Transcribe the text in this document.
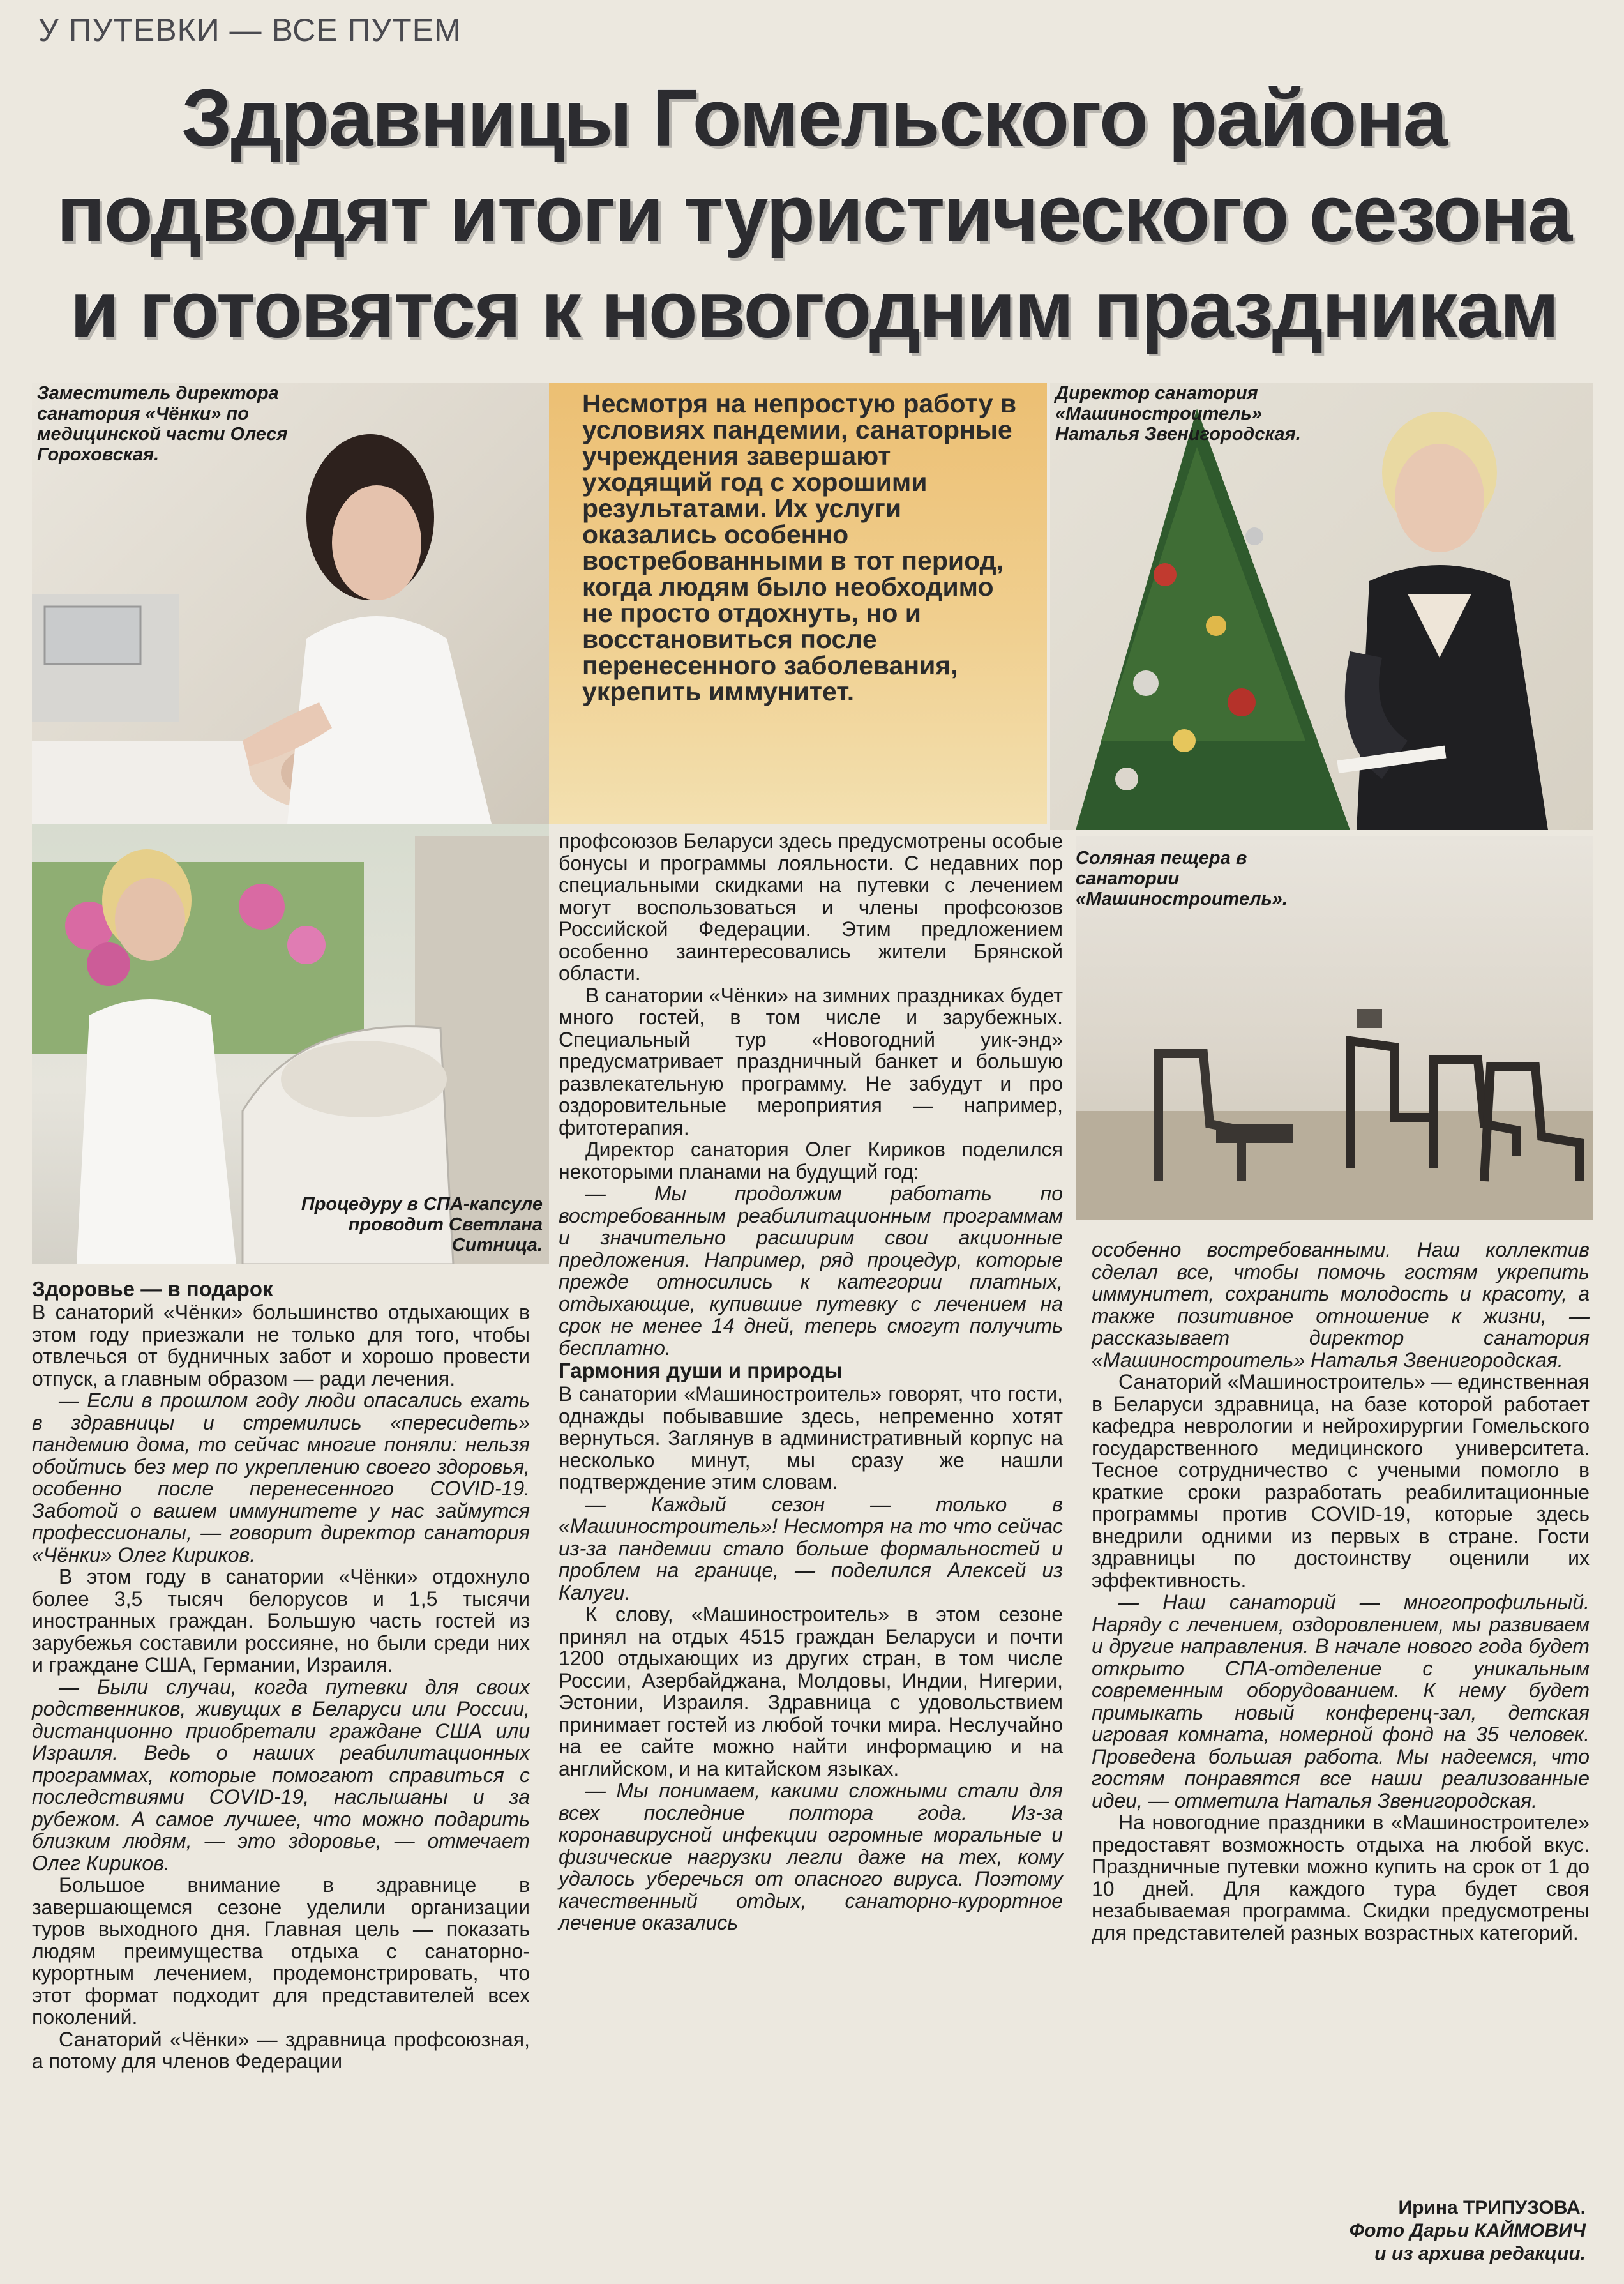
У ПУТЕВКИ — ВСЕ ПУТЕМ
Здравницы Гомельского района
подводят итоги туристического сезона
и готовятся к новогодним праздникам
Заместитель директора санатория «Чёнки» по медицинской части Олеся Гороховская.

Несмотря на непростую работу в условиях пандемии, санаторные учреждения завершают уходящий год с хорошими результатами. Их услуги оказались особенно востребованными в тот период, когда людям было необходимо не просто отдохнуть, но и восстановиться после перенесенного заболевания, укрепить иммунитет.

Директор санатория «Машиностроитель» Наталья Звенигородская.
Процедуру в СПА-капсуле проводит Светлана Ситница.
Соляная пещера в санатории «Машиностроитель».
Здоровье — в подарок

В санаторий «Чёнки» большинство отдыхающих в этом году приезжали не только для того, чтобы отвлечься от будничных забот и хорошо провести отпуск, а главным образом — ради лечения.

— Если в прошлом году люди опасались ехать в здравницы и стремились «пересидеть» пандемию дома, то сейчас многие поняли: нельзя обойтись без мер по укреплению своего здоровья, особенно после перенесенного COVID-19. Заботой о вашем иммунитете у нас займутся профессионалы, — говорит директор санатория «Чёнки» Олег Кириков.

В этом году в санатории «Чёнки» отдохнуло более 3,5 тысяч белорусов и 1,5 тысячи иностранных граждан. Большую часть гостей из зарубежья составили россияне, но были среди них и граждане США, Германии, Израиля.

— Были случаи, когда путевки для своих родственников, живущих в Беларуси или России, дистанционно приобретали граждане США или Израиля. Ведь о наших реабилитационных программах, которые помогают справиться с последствиями COVID-19, наслышаны и за рубежом. А самое лучшее, что можно подарить близким людям, — это здоровье, — отмечает Олег Кириков.

Большое внимание в здравнице в завершающемся сезоне уделили организации туров выходного дня. Главная цель — показать людям преимущества отдыха с санаторно-курортным лечением, продемонстрировать, что этот формат подходит для представителей всех поколений.

Санаторий «Чёнки» — здравница профсоюзная, а потому для членов Федерации

профсоюзов Беларуси здесь предусмотрены особые бонусы и программы лояльности. С недавних пор специальными скидками на путевки с лечением могут воспользоваться и члены профсоюзов Российской Федерации. Этим предложением особенно заинтересовались жители Брянской области.

В санатории «Чёнки» на зимних праздниках будет много гостей, в том числе и зарубежных. Специальный тур «Новогодний уик-энд» предусматривает праздничный банкет и большую развлекательную программу. Не забудут и про оздоровительные мероприятия — например, фитотерапия.

Директор санатория Олег Кириков поделился некоторыми планами на будущий год:

— Мы продолжим работать по востребованным реабилитационным программам и значительно расширим свои акционные предложения. Например, ряд процедур, которые прежде относились к категории платных, отдыхающие, купившие путевку с лечением на срок не менее 14 дней, теперь смогут получить бесплатно.

Гармония души и природы

В санатории «Машиностроитель» говорят, что гости, однажды побывавшие здесь, непременно хотят вернуться. Заглянув в административный корпус на несколько минут, мы сразу же нашли подтверждение этим словам.

— Каждый сезон — только в «Машиностроитель»! Несмотря на то что сейчас из-за пандемии стало больше формальностей и проблем на границе, — поделился Алексей из Калуги.

К слову, «Машиностроитель» в этом сезоне принял на отдых 4515 граждан Беларуси и почти 1200 отдыхающих из других стран, в том числе России, Азербайджана, Молдовы, Индии, Нигерии, Эстонии, Израиля. Здравница с удовольствием принимает гостей из любой точки мира. Неслучайно на ее сайте можно найти информацию и на английском, и на китайском языках.

— Мы понимаем, какими сложными стали для всех последние полтора года. Из-за коронавирусной инфекции огромные моральные и физические нагрузки легли даже на тех, кому удалось уберечься от опасного вируса. Поэтому качественный отдых, санаторно-курортное лечение оказались

особенно востребованными. Наш коллектив сделал все, чтобы помочь гостям укрепить иммунитет, сохранить молодость и красоту, а также позитивное отношение к жизни, — рассказывает директор санатория «Машиностроитель» Наталья Звенигородская.

Санаторий «Машиностроитель» — единственная в Беларуси здравница, на базе которой работает кафедра неврологии и нейрохирургии Гомельского государственного медицинского университета. Тесное сотрудничество с учеными помогло в краткие сроки разработать реабилитационные программы против COVID-19, которые здесь внедрили одними из первых в стране. Гости здравницы по достоинству оценили их эффективность.

— Наш санаторий — многопрофильный. Наряду с лечением, оздоровлением, мы развиваем и другие направления. В начале нового года будет открыто СПА-отделение с уникальным современным оборудованием. К нему будет примыкать новый конференц-зал, детская игровая комната, номерной фонд на 35 человек. Проведена большая работа. Мы надеемся, что гостям понравятся все наши реализованные идеи, — отметила Наталья Звенигородская.

На новогодние праздники в «Машиностроителе» предоставят возможность отдыха на любой вкус. Праздничные путевки можно купить на срок от 1 до 10 дней. Для каждого тура будет своя незабываемая программа. Скидки предусмотрены для представителей разных возрастных категорий.

Ирина ТРИПУЗОВА.
Фото Дарьи КАЙМОВИЧ
и из архива редакции.
